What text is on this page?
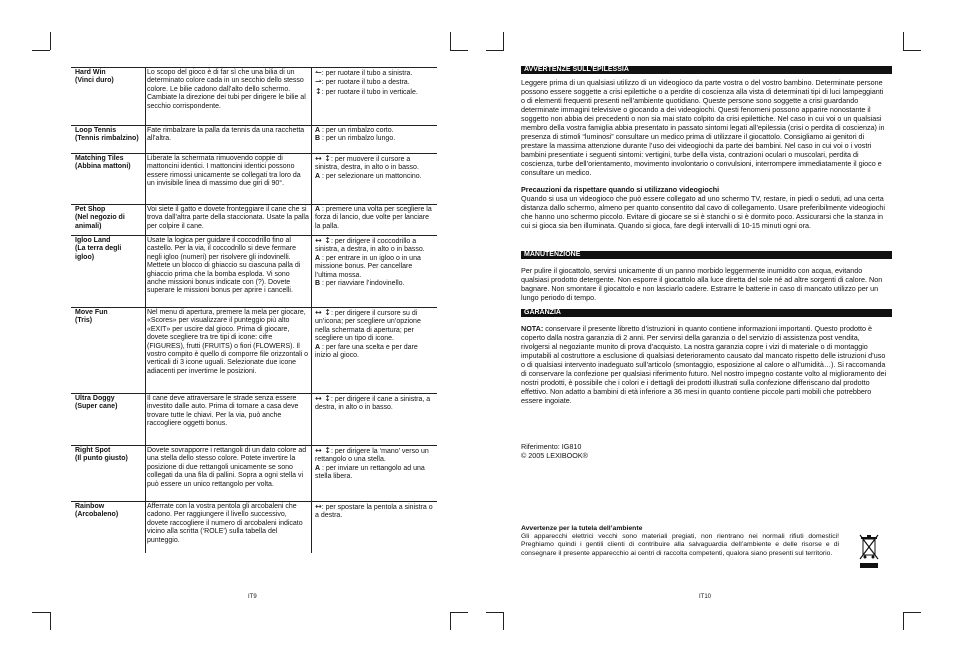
Hard Win
(Vinci duro)
Lo scopo del gioco è di far sì che una bilia di un determinato colore cada in un secchio dello stesso colore. Le bilie cadono dall’alto dello schermo. Cambiate la direzione dei tubi per dirigere le bilie al secchio corrispondente.
↼: per ruotare il tubo a sinistra.
⇀: per ruotare il tubo a destra.
↕: per ruotare il tubo in verticale.
Loop Tennis
(Tennis rimbalzino)
Fate rimbalzare la palla da tennis da una racchetta all’altra.
A : per un rimbalzo corto.
B : per un rimbalzo lungo.
Matching Tiles
(Abbina mattoni)
Liberate la schermata rimuovendo coppie di mattoncini identici. I mattoncini identici possono essere rimossi unicamente se collegati tra loro da un invisibile linea di massimo due giri di 90°.
↔ ↕: per muovere il cursore a sinistra, destra, in alto o in basso.
A : per selezionare un mattoncino.
Pet Shop
(Nel negozio di animali)
Voi siete il gatto e dovete fronteggiare il cane che si trova dall’altra parte della staccionata. Usate la palla per colpire il cane.
A : premere una volta per scegliere la forza di lancio, due volte per lanciare la palla.
Igloo Land
(La terra degli igloo)
Usate la logica per guidare il coccodrillo fino al castello. Per la via, il coccodrillo si deve fermare negli igloo (numeri) per risolvere gli indovinelli. Mettete un blocco di ghiaccio su ciascuna palla di ghiaccio prima che la bomba esploda. Vi sono anche missioni bonus indicate con (?). Dovete superare le missioni bonus per aprire i cancelli.
↔ ↕: per dirigere il coccodrillo a sinistra, a destra, in alto o in basso.
A : per entrare in un igloo o in una missione bonus. Per cancellare l’ultima mossa.
B : per riavviare l’indovinello.
Move Fun
(Tris)
Nel menu di apertura, premere la mela per giocare, «Scores» per visualizzare il punteggio più alto «EXIT» per uscire dal gioco. Prima di giocare, dovete scegliere tra tre tipi di icone: cifre (FIGURES), frutti (FRUITS) o fiori (FLOWERS). Il vostro compito è quello di comporre file orizzontali o verticali di 3 icone uguali. Selezionate due icone adiacenti per invertirne le posizioni.
↔ ↕: per dirigere il cursore su di un’icona; per scegliere un’opzione nella schermata di apertura; per scegliere un tipo di icone.
A : per fare una scelta e per dare inizio al gioco.
Ultra Doggy
(Super cane)
Il cane deve attraversare le strade senza essere investito dalle auto. Prima di tornare a casa deve trovare tutte le chiavi. Per la via, può anche raccogliere oggetti bonus.
↔ ↕: per dirigere il cane a sinistra, a destra, in alto o in basso.
Right Spot
(Il punto giusto)
Dovete sovrapporre i rettangoli di un dato colore ad una stella dello stesso colore. Potete invertire la posizione di due rettangoli unicamente se sono collegati da una fila di pallini. Sopra a ogni stella vi può essere un unico rettangolo per volta.
↔ ↕: per dirigere la ‘mano’ verso un rettangolo o una stella.
A : per inviare un rettangolo ad una stella libera.
Rainbow
(Arcobaleno)
Afferrate con la vostra pentola gli arcobaleni che cadono. Per raggiungere il livello successivo, dovete raccogliere il numero di arcobaleni indicato vicino alla scritta (‘ROLE’) sulla tabella del punteggio.
↔: per spostare la pentola a sinistra o a destra.
IT9
AVVERTENZE SULL’EPILESSIA

Leggere prima di un qualsiasi utilizzo di un videogioco da parte vostra o del vostro bambino. Determinate persone possono essere soggette a crisi epilettiche o a perdite di coscienza alla vista di determinati tipi di luci lampeggianti o di elementi frequenti presenti nell’ambiente quotidiano. Queste persone sono soggette a crisi guardando determinate immagini televisive o giocando a dei videogiochi. Questi fenomeni possono apparire nonostante il soggetto non abbia dei precedenti o non sia mai stato colpito da crisi epilettiche. Nel caso in cui voi o un qualsiasi membro della vostra famiglia abbia presentato in passato sintomi legati all’epilessia (crisi o perdita di coscienza) in presenza di stimoli “luminosi” consultare un medico prima di utilizzare il giocattolo. Consigliamo ai genitori di prestare la massima attenzione durante l’uso dei videogiochi da parte dei bambini. Nel caso in cui voi o i vostri bambini presentiate i seguenti sintomi: vertigini, turbe della vista, contrazioni oculari o muscolari, perdita di coscienza, turbe dell’orientamento, movimento involontario o convulsioni, interrompere immediatamente il gioco e consultare un medico.

Precauzioni da rispettare quando si utilizzano videogiochi

Quando si usa un videogioco che può essere collegato ad uno schermo TV, restare, in piedi o seduti, ad una certa distanza dallo schermo, almeno per quanto consentito dal cavo di collegamento. Usare preferibilmente videogiochi che hanno uno schermo piccolo. Evitare di giocare se si è stanchi o si è dormito poco. Assicurarsi che la stanza in cui si gioca sia ben illuminata. Quando si gioca, fare degli intervalli di 10-15 minuti ogni ora.

MANUTENZIONE

Per pulire il giocattolo, servirsi unicamente di un panno morbido leggermente inumidito con acqua, evitando qualsiasi prodotto detergente. Non esporre il giocattolo alla luce diretta del sole né ad altre sorgenti di calore. Non bagnare. Non smontare il giocattolo e non lasciarlo cadere. Estrarre le batterie in caso di mancato utilizzo per un lungo periodo di tempo.

GARANZIA

NOTA: conservare il presente libretto d’istruzioni in quanto contiene informazioni importanti. Questo prodotto è coperto dalla nostra garanzia di 2 anni. Per servirsi della garanzia o del servizio di assistenza post vendita, rivolgersi al negoziante munito di prova d’acquisto. La nostra garanzia copre i vizi di materiale o di montaggio imputabili al costruttore a esclusione di qualsiasi deterioramento causato dal mancato rispetto delle istruzioni d’uso o di qualsiasi intervento inadeguato sull’articolo (smontaggio, esposizione al calore o all’umidità…). Si raccomanda di conservare la confezione per qualsiasi riferimento futuro. Nel nostro impegno costante volto al miglioramento dei nostri prodotti, è possibile che i colori e i dettagli dei prodotti illustrati sulla confezione differiscano dal prodotto effettivo. Non adatto a bambini di età inferiore a 36 mesi in quanto contiene piccole parti mobili che potrebbero essere ingoiate.

Riferimento: IG810
© 2005 LEXIBOOK®
Avvertenze per la tutela dell’ambiente
Gli apparecchi elettrici vecchi sono materiali pregiati, non rientrano nei normali rifiuti domestici! Preghiamo quindi i gentili clienti di contribuire alla salvaguardia dell’ambiente e delle risorse e di consegnare il presente apparecchio ai centri di raccolta competenti, qualora siano presenti sul territorio.
IT10
